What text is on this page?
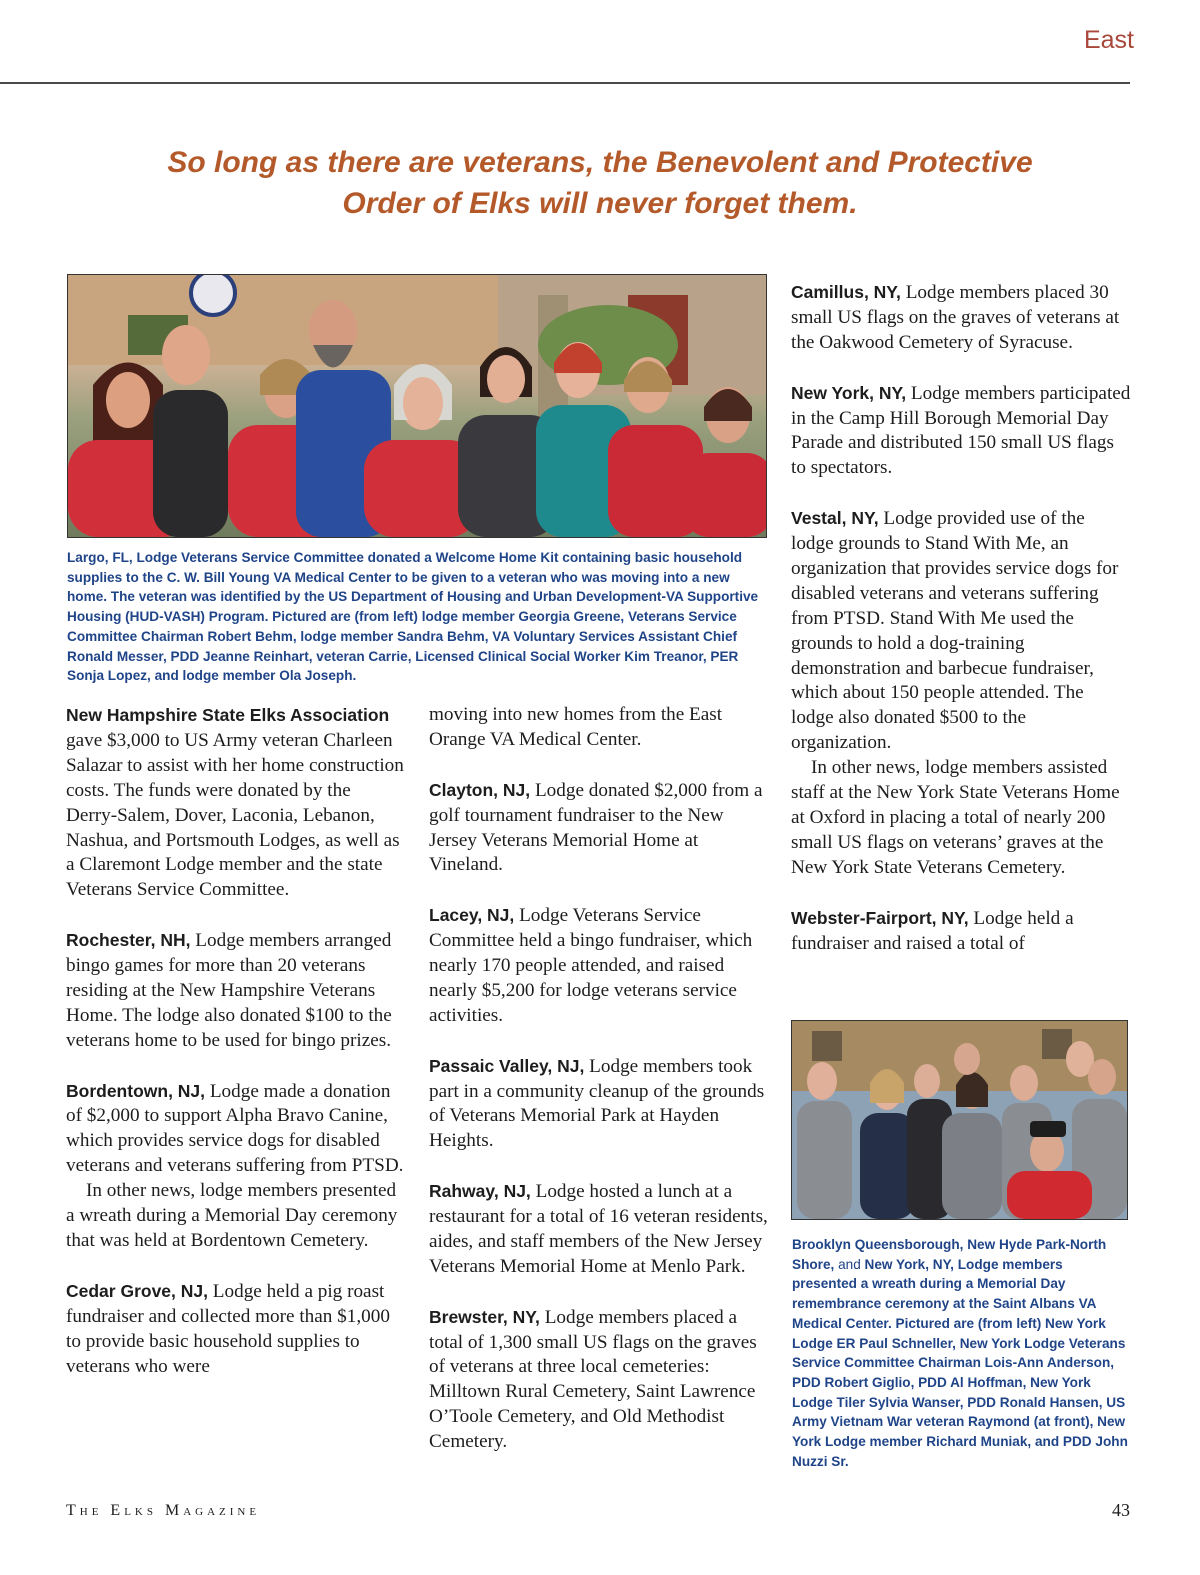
East

So long as there are veterans, the Benevolent and Protective Order of Elks will never forget them.

Largo, FL, Lodge Veterans Service Committee donated a Welcome Home Kit containing basic household supplies to the C. W. Bill Young VA Medical Center to be given to a veteran who was moving into a new home. The veteran was identified by the US Department of Housing and Urban Development-VA Supportive Housing (HUD-VASH) Program. Pictured are (from left) lodge member Georgia Greene, Veterans Service Committee Chairman Robert Behm, lodge member Sandra Behm, VA Voluntary Services Assistant Chief Ronald Messer, PDD Jeanne Reinhart, veteran Carrie, Licensed Clinical Social Worker Kim Treanor, PER Sonja Lopez, and lodge member Ola Joseph.

Brooklyn Queensborough, New Hyde Park-North Shore, and New York, NY, Lodge members presented a wreath during a Memorial Day remembrance ceremony at the Saint Albans VA Medical Center. Pictured are (from left) New York Lodge ER Paul Schneller, New York Lodge Veterans Service Committee Chairman Lois-Ann Anderson, PDD Robert Giglio, PDD Al Hoffman, New York Lodge Tiler Sylvia Wanser, PDD Ronald Hansen, US Army Vietnam War veteran Raymond (at front), New York Lodge member Richard Muniak, and PDD John Nuzzi Sr.

New Hampshire State Elks Association gave $3,000 to US Army veteran Charleen Salazar to assist with her home construction costs. The funds were donated by the Derry-Salem, Dover, Laconia, Lebanon, Nashua, and Portsmouth Lodges, as well as a Claremont Lodge member and the state Veterans Service Committee.

Rochester, NH, Lodge members arranged bingo games for more than 20 veterans residing at the New Hampshire Veterans Home. The lodge also donated $100 to the veterans home to be used for bingo prizes.

Bordentown, NJ, Lodge made a donation of $2,000 to support Alpha Bravo Canine, which provides service dogs for disabled veterans and veterans suffering from PTSD.

In other news, lodge members presented a wreath during a Memorial Day ceremony that was held at Bordentown Cemetery.

Cedar Grove, NJ, Lodge held a pig roast fundraiser and collected more than $1,000 to provide basic household supplies to veterans who were

moving into new homes from the East Orange VA Medical Center.

Clayton, NJ, Lodge donated $2,000 from a golf tournament fundraiser to the New Jersey Veterans Memorial Home at Vineland.

Lacey, NJ, Lodge Veterans Service Committee held a bingo fundraiser, which nearly 170 people attended, and raised nearly $5,200 for lodge veterans service activities.

Passaic Valley, NJ, Lodge members took part in a community cleanup of the grounds of Veterans Memorial Park at Hayden Heights.

Rahway, NJ, Lodge hosted a lunch at a restaurant for a total of 16 veteran residents, aides, and staff members of the New Jersey Veterans Memorial Home at Menlo Park.

Brewster, NY, Lodge members placed a total of 1,300 small US flags on the graves of veterans at three local cemeteries: Milltown Rural Cemetery, Saint Lawrence O’Toole Cemetery, and Old Methodist Cemetery.

Camillus, NY, Lodge members placed 30 small US flags on the graves of veterans at the Oakwood Cemetery of Syracuse.

New York, NY, Lodge members participated in the Camp Hill Borough Memorial Day Parade and distributed 150 small US flags to spectators.

Vestal, NY, Lodge provided use of the lodge grounds to Stand With Me, an organization that provides service dogs for disabled veterans and veterans suffering from PTSD. Stand With Me used the grounds to hold a dog-training demonstration and barbecue fundraiser, which about 150 people attended. The lodge also donated $500 to the organization.

In other news, lodge members assisted staff at the New York State Veterans Home at Oxford in placing a total of nearly 200 small US flags on veterans’ graves at the New York State Veterans Cemetery.

Webster-Fairport, NY, Lodge held a fundraiser and raised a total of

The Elks Magazine	43
